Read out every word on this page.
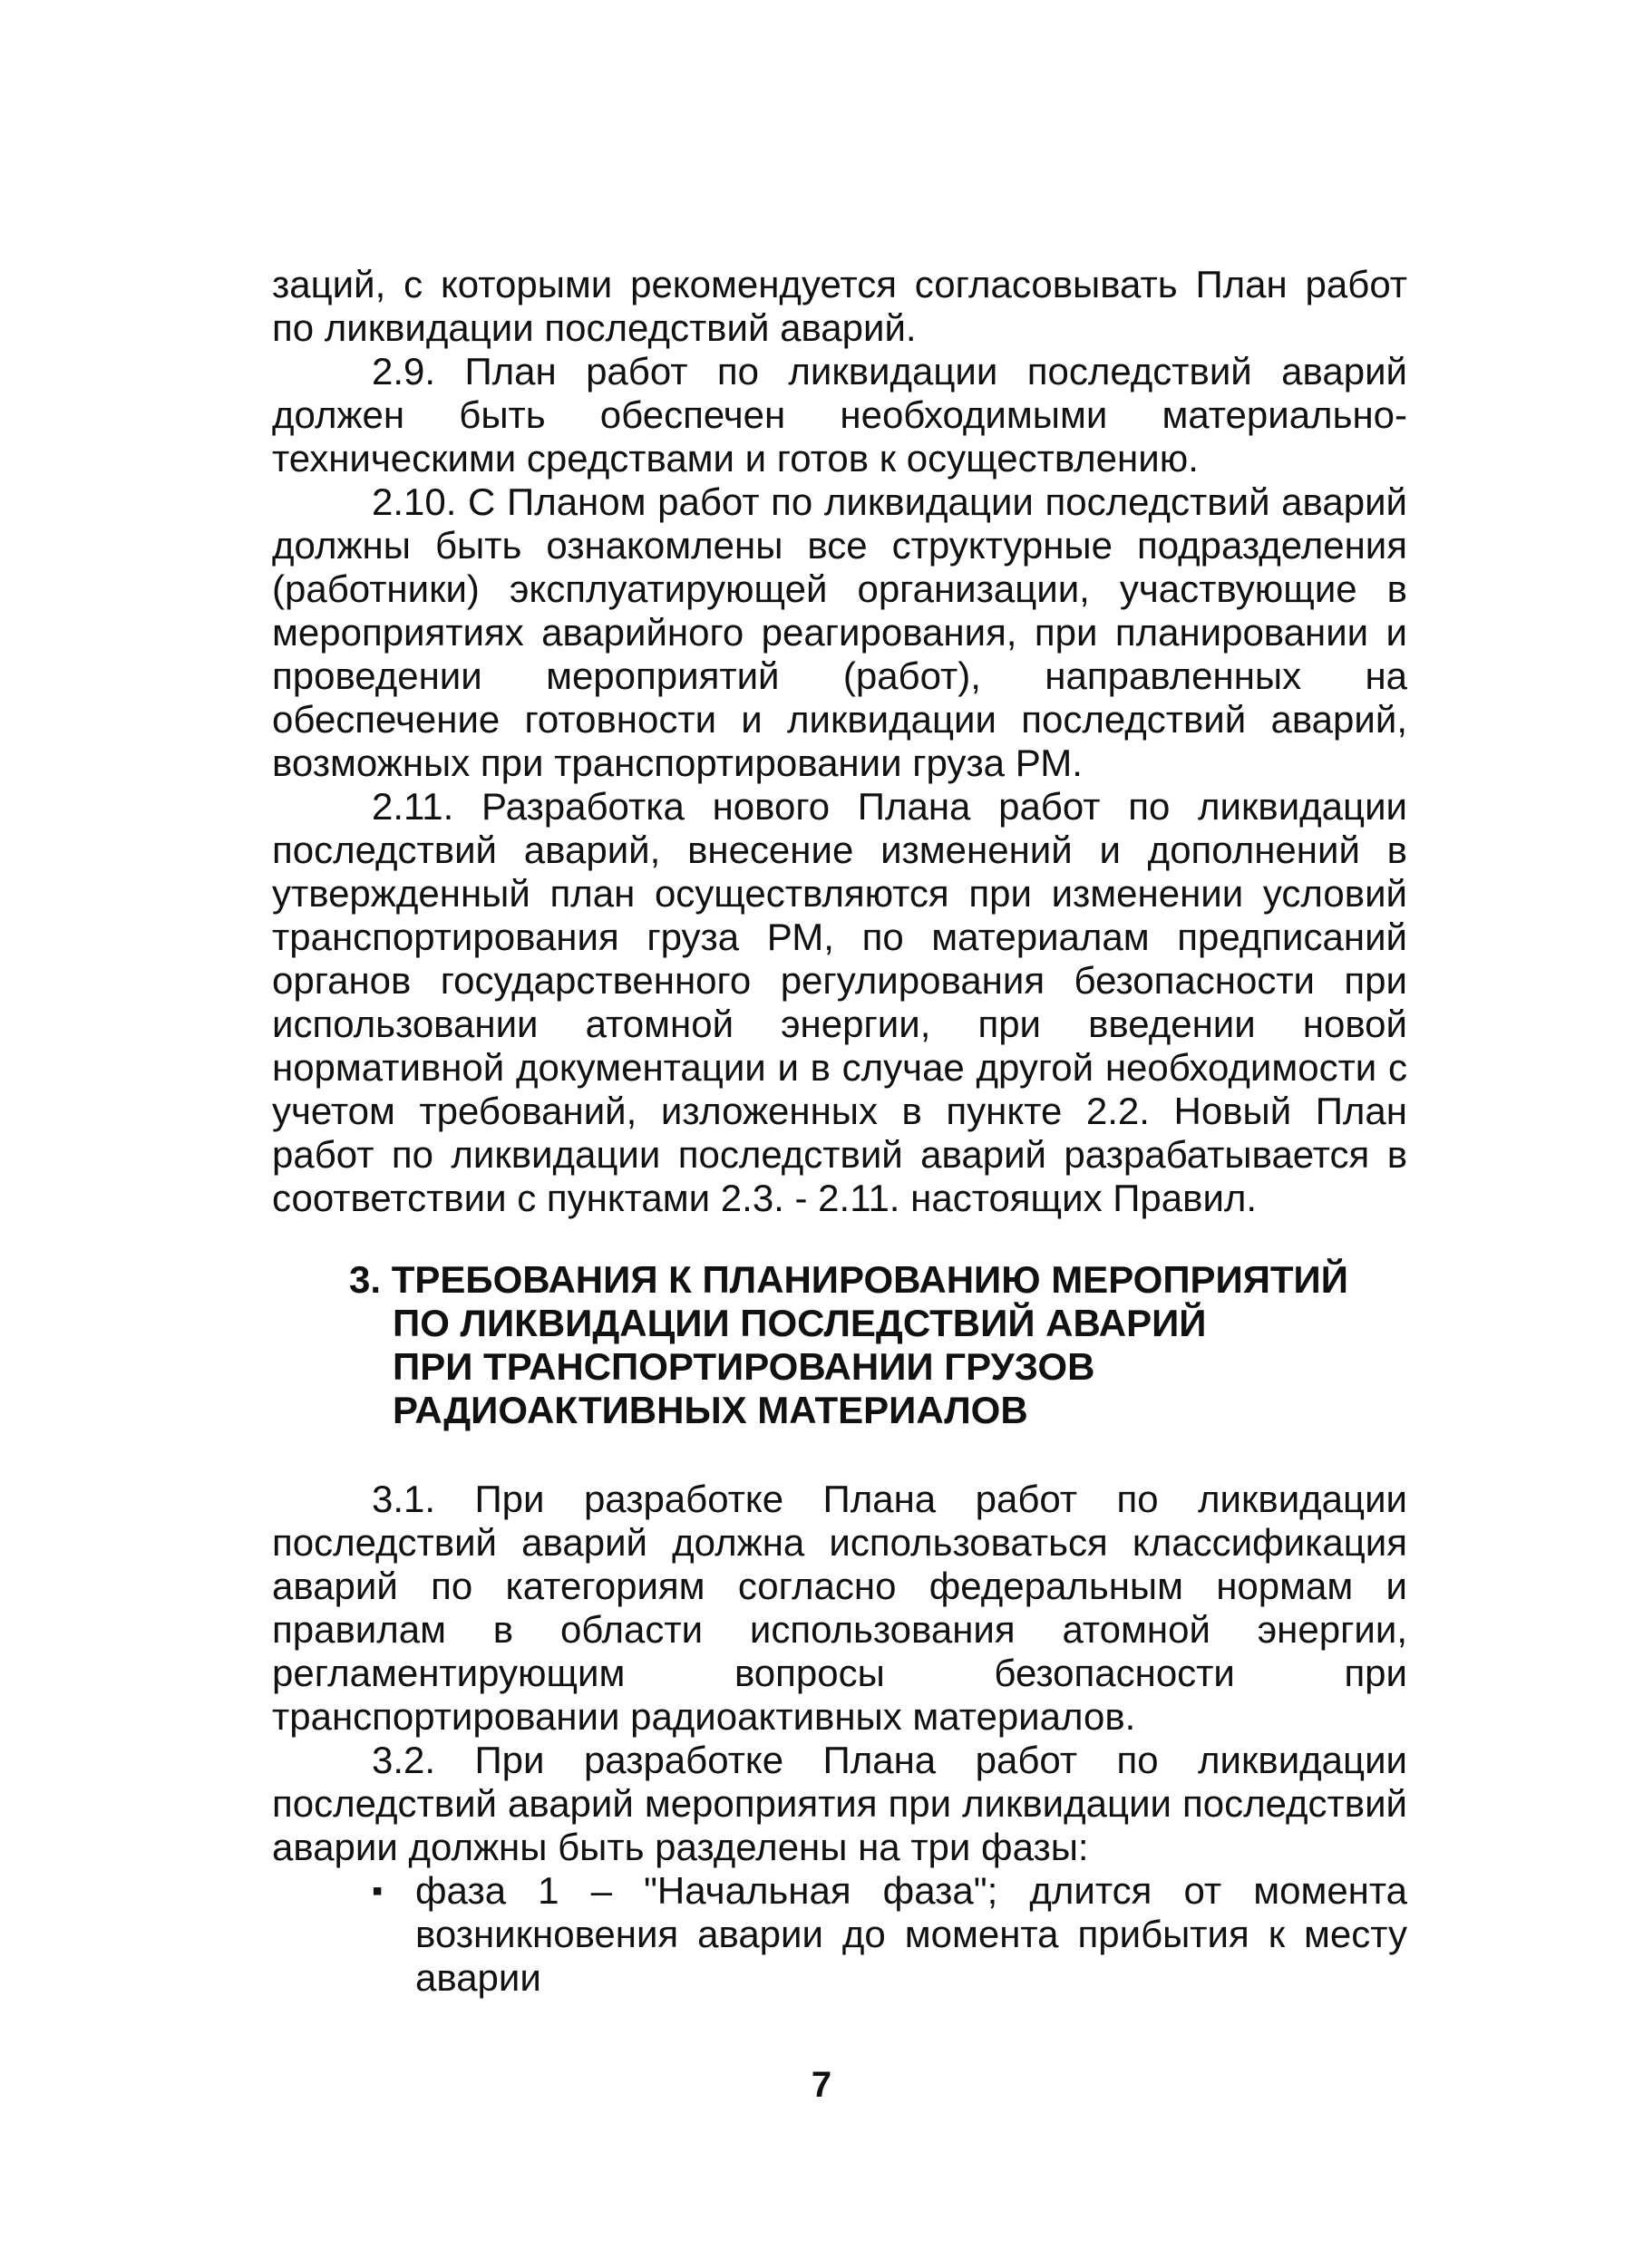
заций, с которыми рекомендуется согласовывать План работ по ликвидации последствий аварий.

2.9. План работ по ликвидации последствий аварий должен быть обеспечен необходимыми материально-техническими средствами и готов к осуществлению.

2.10. С Планом работ по ликвидации последствий аварий должны быть ознакомлены все структурные подразделения (работники) эксплуатирующей организации, участвующие в мероприятиях аварийного реагирования, при планировании и проведении мероприятий (работ), направленных на обеспечение готовности и ликвидации последствий аварий, возможных при транспортировании груза РМ.

2.11. Разработка нового Плана работ по ликвидации последствий аварий, внесение изменений и дополнений в утвержденный план осуществляются при изменении условий транспортирования груза РМ, по материалам предписаний органов государственного регулирования безопасности при использовании атомной энергии, при введении новой нормативной документации и в случае другой необходимости с учетом требований, изложенных в пункте 2.2. Новый План работ по ликвидации последствий аварий разрабатывается в соответствии с пунктами 2.3. - 2.11. настоящих Правил.

3. ТРЕБОВАНИЯ К ПЛАНИРОВАНИЮ МЕРОПРИЯТИЙ
ПО ЛИКВИДАЦИИ ПОСЛЕДСТВИЙ АВАРИЙ
ПРИ ТРАНСПОРТИРОВАНИИ ГРУЗОВ
РАДИОАКТИВНЫХ МАТЕРИАЛОВ

3.1. При разработке Плана работ по ликвидации последствий аварий должна использоваться классификация аварий по категориям согласно федеральным нормам и правилам в области использования атомной энергии, регламентирующим вопросы безопасности при транспортировании радиоактивных материалов.

3.2. При разработке Плана работ по ликвидации последствий аварий мероприятия при ликвидации последствий аварии должны быть разделены на три фазы:

▪ фаза 1 – "Начальная фаза"; длится от момента возникновения аварии до момента прибытия к месту аварии
7
